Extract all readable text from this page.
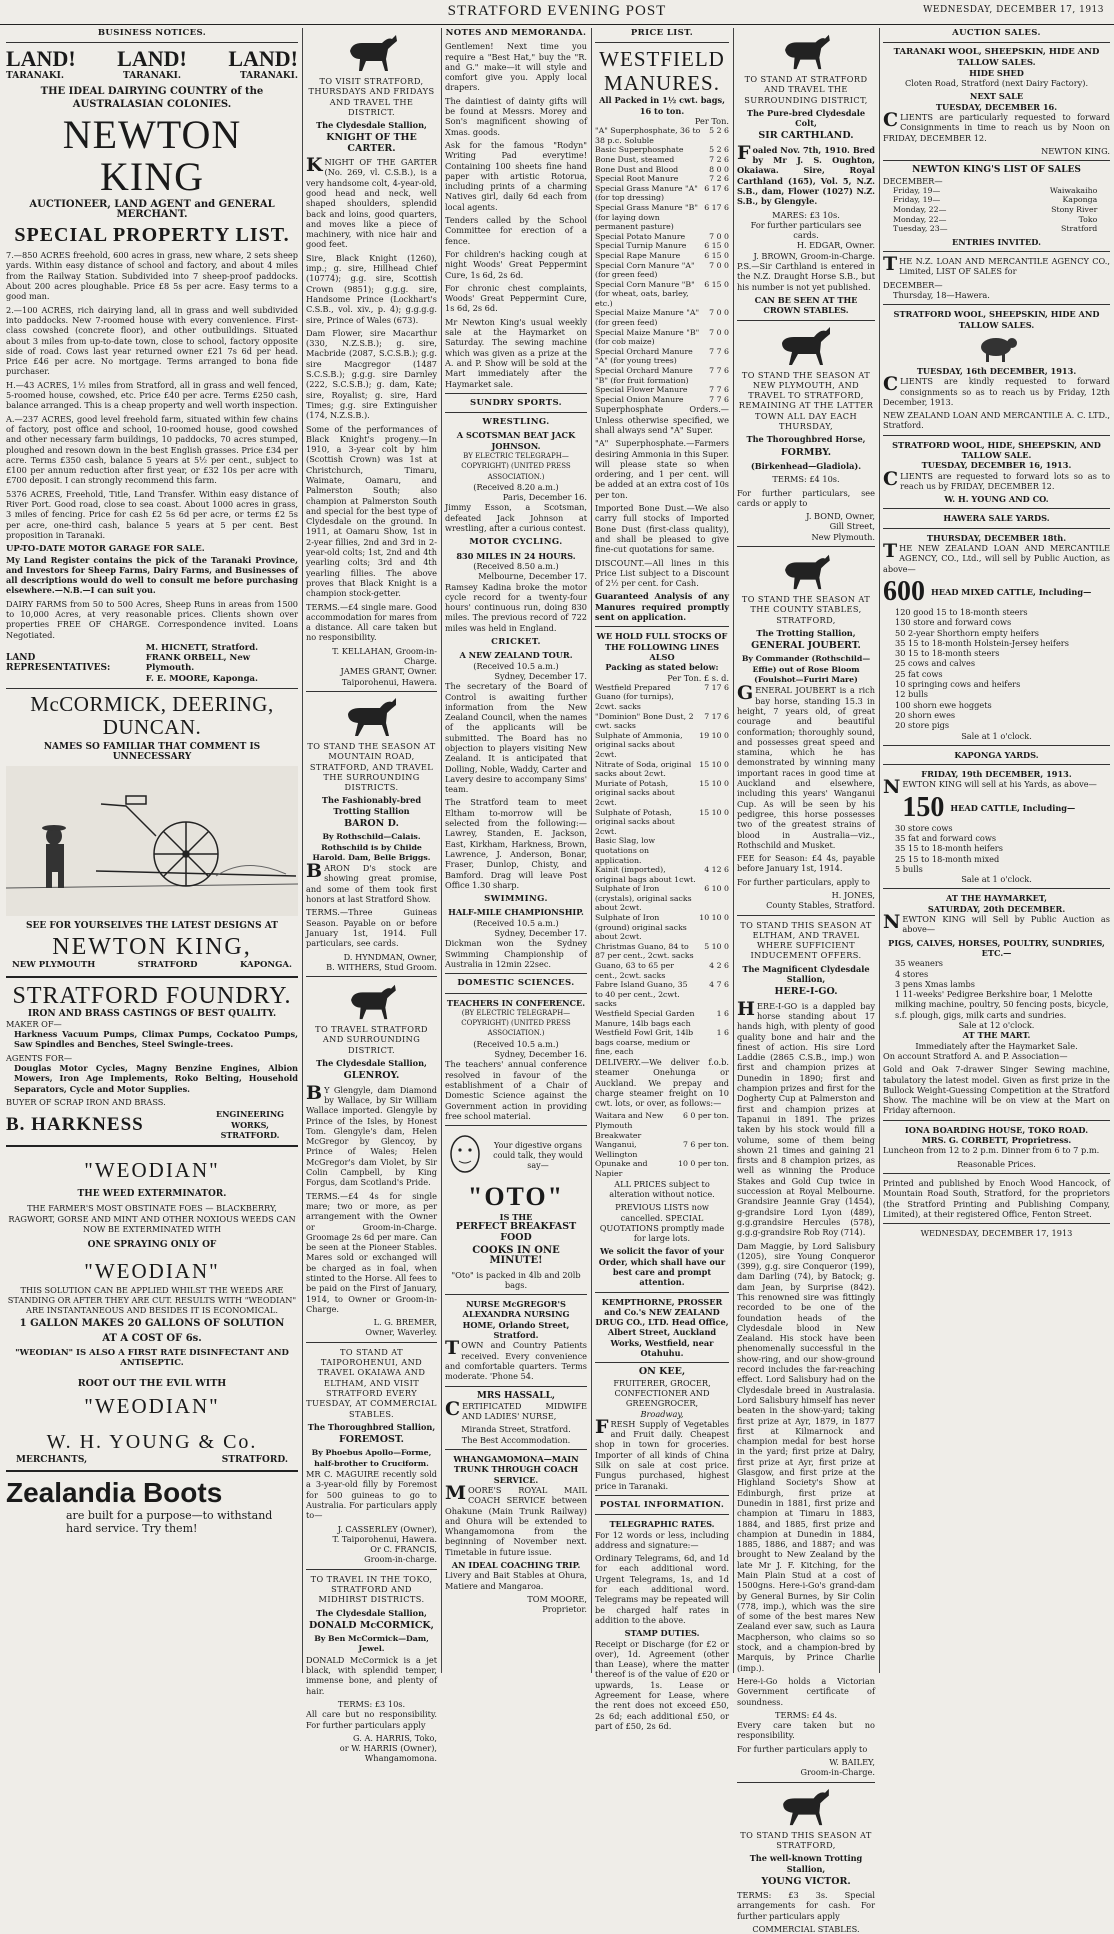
STRATFORD EVENING POST	WEDNESDAY, DECEMBER 17, 1913
BUSINESS NOTICES.
LAND! LAND! LAND!
TARANAKI.	TARANAKI.	TARANAKI.
THE IDEAL DAIRYING COUNTRY of the AUSTRALASIAN COLONIES.
NEWTON KING
AUCTIONEER, LAND AGENT and GENERAL MERCHANT.
SPECIAL PROPERTY LIST.

7.—850 ACRES freehold, 600 acres in grass, new whare, 2 sets sheep yards. Within easy distance of school and factory, and about 4 miles from the Railway Station. Subdivided into 7 sheep-proof paddocks. About 200 acres ploughable. Price £8 5s per acre. Easy terms to a good man.

2.—100 ACRES, rich dairying land, all in grass and well subdivided into paddocks. New 7-roomed house with every convenience. First-class cowshed (concrete floor), and other outbuildings. Situated about 3 miles from up-to-date town, close to school, factory opposite side of road. Cows last year returned owner £21 7s 6d per head. Price £46 per acre. No mortgage. Terms arranged to bona fide purchaser.

H.—43 ACRES, 1½ miles from Stratford, all in grass and well fenced, 5-roomed house, cowshed, etc. Price £40 per acre. Terms £250 cash, balance arranged. This is a cheap property and well worth inspection.

A.—237 ACRES, good level freehold farm, situated within few chains of factory, post office and school, 10-roomed house, good cowshed and other necessary farm buildings, 10 paddocks, 70 acres stumped, ploughed and resown down in the best English grasses. Price £34 per acre. Terms £350 cash, balance 5 years at 5½ per cent., subject to £100 per annum reduction after first year, or £32 10s per acre with £700 deposit. I can strongly recommend this farm.

5376 ACRES, Freehold, Title, Land Transfer. Within easy distance of River Port. Good road, close to sea coast. About 1000 acres in grass, 3 miles of fencing. Price for cash £2 5s 6d per acre, or terms £2 5s per acre, one-third cash, balance 5 years at 5 per cent. Best proposition in Taranaki.

UP-TO-DATE MOTOR GARAGE FOR SALE.

My Land Register contains the pick of the Taranaki Province, and Investors for Sheep Farms, Dairy Farms, and Businesses of all descriptions would do well to consult me before purchasing elsewhere.—N.B.—I can suit you.

DAIRY FARMS from 50 to 500 Acres, Sheep Runs in areas from 1500 to 10,000 Acres, at very reasonable prices. Clients shown over properties FREE OF CHARGE. Correspondence invited. Loans Negotiated.

LAND REPRESENTATIVES:
M. HICNETT, Stratford.
FRANK ORBELL, New Plymouth.
F. E. MOORE, Kaponga.
McCORMICK, DEERING, DUNCAN.
NAMES SO FAMILIAR THAT COMMENT IS UNNECESSARY
SEE FOR YOURSELVES THE LATEST DESIGNS AT
NEWTON KING,
NEW PLYMOUTH	STRATFORD	KAPONGA.
STRATFORD FOUNDRY.
IRON AND BRASS CASTINGS OF BEST QUALITY.
MAKER OF—

Harkness Vacuum Pumps, Climax Pumps, Cockatoo Pumps, Saw Spindles and Benches, Steel Swingle-trees.

AGENTS FOR—

Douglas Motor Cycles, Magny Benzine Engines, Albion Mowers, Iron Age Implements, Roko Belting, Household Separators, Cycle and Motor Supplies.

BUYER OF SCRAP IRON AND BRASS.
B. HARKNESS	ENGINEERING WORKS, STRATFORD.
"WEODIAN"
THE WEED EXTERMINATOR.

THE FARMER'S MOST OBSTINATE FOES — BLACKBERRY, RAGWORT, GORSE AND MINT AND OTHER NOXIOUS WEEDS CAN NOW BE EXTERMINATED WITH

ONE SPRAYING ONLY OF
"WEODIAN"

THIS SOLUTION CAN BE APPLIED WHILST THE WEEDS ARE STANDING OR AFTER THEY ARE CUT. RESULTS WITH "WEODIAN" ARE INSTANTANEOUS AND BESIDES IT IS ECONOMICAL.

1 GALLON MAKES 20 GALLONS OF SOLUTION
AT A COST OF 6s.
"WEODIAN" IS ALSO A FIRST RATE DISINFECTANT AND ANTISEPTIC.
ROOT OUT THE EVIL WITH
"WEODIAN"
W. H. YOUNG & Co.
MERCHANTS,	STRATFORD.
Zealandia Boots
are built for a purpose—to withstand hard service. Try them!
TO VISIT STRATFORD, THURSDAYS AND FRIDAYS AND TRAVEL THE DISTRICT.
The Clydesdale Stallion,
KNIGHT OF THE CARTER.

KNIGHT OF THE GARTER (No. 269, vl. C.S.B.), is a very handsome colt, 4-year-old, good head and neck, well shaped shoulders, splendid back and loins, good quarters, and moves like a piece of machinery, with nice hair and good feet.

Sire, Black Knight (1260), imp.; g. sire, Hillhead Chief (10774); g.g. sire, Scottish Crown (9851); g.g.g. sire, Handsome Prince (Lockhart's C.S.B., vol. xiv., p. 4); g.g.g.g. sire, Prince of Wales (673).

Dam Flower, sire Macarthur (330, N.Z.S.B.); g. sire, Macbride (2087, S.C.S.B.); g.g. sire Macgregor (1487 S.C.S.B.); g.g.g. sire Darnley (222, S.C.S.B.); g. dam, Kate; sire, Royalist; g. sire, Hard Times; g.g. sire Extinguisher (174, N.Z.S.B.).

Some of the performances of Black Knight's progeny.—In 1910, a 3-year colt by him (Scottish Crown) was 1st at Christchurch, Timaru, Waimate, Oamaru, and Palmerston South; also champion at Palmerston South and special for the best type of Clydesdale on the ground. In 1911, at Oamaru Show, 1st in 2-year fillies, 2nd and 3rd in 2-year-old colts; 1st, 2nd and 4th yearling colts; 3rd and 4th yearling fillies. The above proves that Black Knight is a champion stock-getter.

TERMS.—£4 single mare. Good accommodation for mares from a distance. All care taken but no responsibility.

T. KELLAHAN, Groom-in-Charge.
JAMES GRANT, Owner.
Taiporohenui, Hawera.
TO STAND THE SEASON AT MOUNTAIN ROAD, STRATFORD, AND TRAVEL THE SURROUNDING DISTRICTS.
The Fashionably-bred Trotting Stallion
BARON D.
By Rothschild—Calais. Rothschild is by Childe Harold. Dam, Belle Briggs.

BARON D's stock are showing great promise, and some of them took first honors at last Stratford Show.

TERMS.—Three Guineas Season. Payable on or before January 1st, 1914. Full particulars, see cards.

D. HYNDMAN, Owner,
B. WITHERS, Stud Groom.
TO TRAVEL STRATFORD AND SURROUNDING DISTRICT.
The Clydesdale Stallion,
GLENROY.

BY Glengyle, dam Diamond by Wallace, by Sir William Wallace imported. Glengyle by Prince of the Isles, by Honest Tom. Glengyle's dam, Helen McGregor by Glencoy, by Prince of Wales; Helen McGregor's dam Violet, by Sir Colin Campbell, by King Forgus, dam Scotland's Pride.

TERMS.—£4 4s for single mare; two or more, as per arrangement with the Owner or Groom-in-Charge. Groomage 2s 6d per mare. Can be seen at the Pioneer Stables. Mares sold or exchanged will be charged as in foal, when stinted to the Horse. All fees to be paid on the First of January, 1914, to Owner or Groom-in-Charge.

L. G. BREMER,
Owner, Waverley.
TO STAND AT TAIPOROHENUI, AND TRAVEL OKAIAWA AND ELTHAM, AND VISIT STRATFORD EVERY TUESDAY, AT COMMERCIAL STABLES.
The Thoroughbred Stallion,
FOREMOST.
By Phoebus Apollo—Forme, half-brother to Cruciform.

MR C. MAGUIRE recently sold a 3-year-old filly by Foremost for 500 guineas to go to Australia. For particulars apply to—

J. CASSERLEY (Owner),
T. Taiporohenui, Hawera.
Or C. FRANCIS,
Groom-in-charge.
TO TRAVEL IN THE TOKO, STRATFORD AND MIDHIRST DISTRICTS.
The Clydesdale Stallion,
DONALD McCORMICK,
By Ben McCormick—Dam, Jewel.

DONALD McCormick is a jet black, with splendid temper, immense bone, and plenty of hair.

TERMS: £3 10s.

All care but no responsibility. For further particulars apply

G. A. HARRIS, Toko,
or W. HARRIS (Owner),
Whangamomona.
NOTES AND MEMORANDA.

Gentlemen! Next time you require a "Best Hat," buy the "R. and G." make—it will style and comfort give you. Apply local drapers.

The daintiest of dainty gifts will be found at Messrs. Morey and Son's magnificent showing of Xmas. goods.

Ask for the famous "Rodyn" Writing Pad everytime! Containing 100 sheets fine hand paper with artistic Rotorua, including prints of a charming Natives girl, daily 6d each from local agents.

Tenders called by the School Committee for erection of a fence.

For children's hacking cough at night Woods' Great Peppermint Cure, 1s 6d, 2s 6d.

For chronic chest complaints, Woods' Great Peppermint Cure, 1s 6d, 2s 6d.

Mr Newton King's usual weekly sale at the Haymarket on Saturday. The sewing machine which was given as a prize at the A. and P. Show will be sold at the Mart immediately after the Haymarket sale.

SUNDRY SPORTS.
WRESTLING.
A SCOTSMAN BEAT JACK JOHNSON.
BY ELECTRIC TELEGRAPH—COPYRIGHT) (UNITED PRESS ASSOCIATION.)
(Received 8.20 a.m.)
Paris, December 16.

Jimmy Esson, a Scotsman, defeated Jack Johnson at wrestling, after a curious contest.

MOTOR CYCLING.
830 MILES IN 24 HOURS.
(Received 8.50 a.m.)
Melbourne, December 17.

Ramsey Kadina broke the motor cycle record for a twenty-four hours' continuous run, doing 830 miles. The previous record of 722 miles was held in England.

CRICKET.
A NEW ZEALAND TOUR.
(Received 10.5 a.m.)
Sydney, December 17.

The secretary of the Board of Control is awaiting further information from the New Zealand Council, when the names of the applicants will be submitted. The Board has no objection to players visiting New Zealand. It is anticipated that Dolling, Noble, Waddy, Carter and Lavery desire to accompany Sims' team.

The Stratford team to meet Eltham to-morrow will be selected from the following:—Lawrey, Standen, E. Jackson, East, Kirkham, Harkness, Brown, Lawrence, J. Anderson, Bonar, Fraser, Dunlop, Chisty, and Bamford. Drag will leave Post Office 1.30 sharp.

SWIMMING.
HALF-MILE CHAMPIONSHIP.
(Received 10.5 a.m.)
Sydney, December 17.

Dickman won the Sydney Swimming Championship of Australia in 12min 22sec.

DOMESTIC SCIENCES.
TEACHERS IN CONFERENCE.
(BY ELECTRIC TELEGRAPH—COPYRIGHT) (UNITED PRESS ASSOCIATION.)
(Received 10.5 a.m.)
Sydney, December 16.

The teachers' annual conference resolved in favour of the establishment of a Chair of Domestic Science against the Government action in providing free school material.

Your digestive organs could talk, they would say—
"OTO"
IS THE
PERFECT BREAKFAST FOOD
COOKS IN ONE MINUTE!
"Oto" is packed in 4lb and 20lb bags.
NURSE McGREGOR'S ALEXANDRA NURSING HOME, Orlando Street, Stratford.

TOWN and Country Patients received. Every convenience and comfortable quarters. Terms moderate. 'Phone 54.

MRS HASSALL,

CERTIFICATED MIDWIFE AND LADIES' NURSE,

Miranda Street, Stratford.
The Best Accommodation.
WHANGAMOMONA—MAIN TRUNK THROUGH COACH SERVICE.

MOORE'S ROYAL MAIL COACH SERVICE between Ohakune (Main Trunk Railway) and Ohura will be extended to Whangamomona from the beginning of November next. Timetable in future issue.

AN IDEAL COACHING TRIP.

Livery and Bait Stables at Ohura, Matiere and Mangaroa.

TOM MOORE,
Proprietor.
PRICE LIST.
WESTFIELD MANURES.
All Packed in 1½ cwt. bags, 16 to ton.
Per Ton.
"A" Superphosphate, 36 to 38 p.c. Soluble	5 2 6
Basic Superphosphate	5 2 6
Bone Dust, steamed	7 2 6
Bone Dust and Blood	8 0 0
Special Root Manure	7 2 6
Special Grass Manure "A" (for top dressing)	6 17 6
Special Grass Manure "B" (for laying down permanent pasture)	6 17 6
Special Potato Manure	7 0 0
Special Turnip Manure	6 15 0
Special Rape Manure	6 15 0
Special Corn Manure "A" (for green feed)	7 0 0
Special Corn Manure "B" (for wheat, oats, barley, etc.)	6 15 0
Special Maize Manure "A" (for green feed)	7 0 0
Special Maize Manure "B" (for cob maize)	7 0 0
Special Orchard Manure "A" (for young trees)	7 7 6
Special Orchard Manure "B" (for fruit formation)	7 7 6
Special Flower Manure	7 7 6
Special Onion Manure	7 7 6

Superphosphate Orders.—Unless otherwise specified, we shall always send "A" Super.

"A" Superphosphate.—Farmers desiring Ammonia in this Super. will please state so when ordering, and 1 per cent. will be added at an extra cost of 10s per ton.

Imported Bone Dust.—We also carry full stocks of Imported Bone Dust (first-class quality), and shall be pleased to give fine-cut quotations for same.

DISCOUNT.—All lines in this Price List subject to a Discount of 2½ per cent. for Cash.

Guaranteed Analysis of any Manures required promptly sent on application.

WE HOLD FULL STOCKS OF THE FOLLOWING LINES ALSO
Packing as stated below:
Per Ton. £ s. d.
Westfield Prepared Guano (for turnips), 2cwt. sacks	7 17 6
"Dominion" Bone Dust, 2 cwt. sacks	7 17 6
Sulphate of Ammonia, original sacks about 2cwt.	19 10 0
Nitrate of Soda, original sacks about 2cwt.	15 10 0
Muriate of Potash, original sacks about 2cwt.	15 10 0
Sulphate of Potash, original sacks about 2cwt.	15 10 0
Basic Slag, low quotations on application.	
Kainit (imported), original bags about 1cwt.	4 12 6
Sulphate of Iron (crystals), original sacks about 2cwt.	6 10 0
Sulphate of Iron (ground) original sacks about 2cwt.	10 10 0
Christmas Guano, 84 to 87 per cent., 2cwt. sacks	5 10 0
Guano, 63 to 65 per cent., 2cwt. sacks	4 2 6
Fabre Island Guano, 35 to 40 per cent., 2cwt. sacks	4 7 6
Westfield Special Garden Manure, 14lb bags each	1 6
Westfield Fowl Grit, 14lb bags coarse, medium or fine, each	1 6

DELIVERY.—We deliver f.o.b. steamer Onehunga or Auckland. We prepay and charge steamer freight on 10 cwt. lots, or over, as follows:—

Waitara and New Plymouth Breakwater	6 0 per ton.
Wanganui, Wellington	7 6 per ton.
Opunake and Napier	10 0 per ton.

ALL PRICES subject to alteration without notice.

PREVIOUS LISTS now cancelled. SPECIAL QUOTATIONS promptly made for large lots.

We solicit the favor of your Order, which shall have our best care and prompt attention.

KEMPTHORNE, PROSSER and Co.'s NEW ZEALAND DRUG CO., LTD. Head Office, Albert Street, Auckland Works, Westfield, near Otahuhu.

ON KEE,
FRUITERER, GROCER, CONFECTIONER AND GREENGROCER,
Broadway,

FRESH Supply of Vegetables and Fruit daily. Cheapest shop in town for groceries. Importer of all kinds of China Silk on sale at cost price. Fungus purchased, highest price in Taranaki.

POSTAL INFORMATION.
TELEGRAPHIC RATES.

For 12 words or less, including address and signature:—

Ordinary Telegrams, 6d, and 1d for each additional word. Urgent Telegrams, 1s, and 1d for each additional word. Telegrams may be repeated will be charged half rates in addition to the above.

STAMP DUTIES.

Receipt or Discharge (for £2 or over), 1d. Agreement (other than Lease), where the matter thereof is of the value of £20 or upwards, 1s. Lease or Agreement for Lease, where the rent does not exceed £50, 2s 6d; each additional £50, or part of £50, 2s 6d.

TO STAND AT STRATFORD AND TRAVEL THE SURROUNDING DISTRICT,
The Pure-bred Clydesdale Colt,
SIR CARTHLAND.

Foaled Nov. 7th, 1910. Bred by Mr J. S. Oughton, Okaiawa. Sire, Royal Carthland (165), Vol. 5, N.Z. S.B., dam, Flower (1027) N.Z. S.B., by Glengyle.

MARES: £3 10s.
For further particulars see cards.
H. EDGAR, Owner.
J. BROWN, Groom-in-Charge.

P.S.—Sir Carthland is entered in the N.Z. Draught Horse S.B., but his number is not yet published.

CAN BE SEEN AT THE CROWN STABLES.
TO STAND THE SEASON AT NEW PLYMOUTH, AND TRAVEL TO STRATFORD, REMAINING AT THE LATTER TOWN ALL DAY EACH THURSDAY,
The Thoroughbred Horse,
FORMBY.
(Birkenhead—Gladiola).
TERMS: £4 10s.

For further particulars, see cards or apply to

J. BOND, Owner,
Gill Street,
New Plymouth.
TO STAND THE SEASON AT THE COUNTY STABLES, STRATFORD,
The Trotting Stallion,
GENERAL JOUBERT.
By Commander (Rothschild—Effie) out of Rose Bloom (Foulshot—Furiri Mare)

GENERAL JOUBERT is a rich bay horse, standing 15.3 in height, 7 years old, of great courage and beautiful conformation; thoroughly sound, and possesses great speed and stamina, which he has demonstrated by winning many important races in good time at Auckland and elsewhere, including this years' Wanganui Cup. As will be seen by his pedigree, this horse possesses two of the greatest strains of blood in Australia—viz., Rothschild and Musket.

FEE for Season: £4 4s, payable before January 1st, 1914.

For further particulars, apply to

H. JONES,
County Stables, Stratford.
TO STAND THIS SEASON AT ELTHAM, AND TRAVEL WHERE SUFFICIENT INDUCEMENT OFFERS.
The Magnificent Clydesdale Stallion,
HERE-I-GO.

HERE-I-GO is a dappled bay horse standing about 17 hands high, with plenty of good quality bone and hair and the finest of action. His sire Lord Laddie (2865 C.S.B., imp.) won first and champion prizes at Dunedin in 1890; first and champion prizes and first for the Dogherty Cup at Palmerston and first and champion prizes at Tapanui in 1891. The prizes taken by his stock would fill a volume, some of them being shown 21 times and gaining 21 firsts and 8 champion prizes, as well as winning the Produce Stakes and Gold Cup twice in succession at Royal Melbourne. Grandsire Jeannie Gray (1454), g-grandsire Lord Lyon (489), g.g.grandsire Hercules (578), g.g.g-grandsire Rob Roy (714).

Dam Maggie, by Lord Salisbury (1205), sire Young Conqueror (399), g.g. sire Conqueror (199), dam Darling (74), by Batock; g. dam Jean, by Surprise (842). This renowned sire was fittingly recorded to be one of the foundation heads of the Clydesdale blood in New Zealand. His stock have been phenomenally successful in the show-ring, and our show-ground record includes the far-reaching effect. Lord Salisbury had on the Clydesdale breed in Australasia. Lord Salisbury himself has never beaten in the show-yard; taking first prize at Ayr, 1879, in 1877 first at Kilmarnock and champion medal for best horse in the yard; first prize at Dalry, first prize at Ayr, first prize at Glasgow, and first prize at the Highland Society's Show at Edinburgh, first prize at Dunedin in 1881, first prize and champion at Timaru in 1883, 1884, and 1885, first prize and champion at Dunedin in 1884, 1885, 1886, and 1887; and was brought to New Zealand by the late Mr J. F. Kitching, for the Main Plain Stud at a cost of 1500gns. Here-i-Go's grand-dam by General Burnes, by Sir Colin (778, imp.), which was the sire of some of the best mares New Zealand ever saw, such as Laura Macpherson, who claims so so stock, and a champion-bred by Marquis, by Prince Charlie (imp.).

Here-i-Go holds a Victorian Government certificate of soundness.

TERMS: £4 4s.

Every care taken but no responsibility.

For further particulars apply to

W. BAILEY,
Groom-in-Charge.
TO STAND THIS SEASON AT STRATFORD,
The well-known Trotting Stallion,
YOUNG VICTOR.

TERMS: £3 3s. Special arrangements for cash. For further particulars apply

COMMERCIAL STABLES.
AUCTION SALES.
TARANAKI WOOL, SHEEPSKIN, HIDE AND TALLOW SALES.
HIDE SHED
Cloten Road, Stratford (next Dairy Factory).
NEXT SALE
TUESDAY, DECEMBER 16.

CLIENTS are particularly requested to forward Consignments in time to reach us by Noon on FRIDAY, DECEMBER 12.

NEWTON KING.
NEWTON KING'S LIST OF SALES
DECEMBER—
Friday, 19—	Waiwakaiho
Friday, 19—	Kaponga
Monday, 22—	Stony River
Monday, 22—	Toko
Tuesday, 23—	Stratford
ENTRIES INVITED.

THE N.Z. LOAN AND MERCANTILE AGENCY CO., Limited, LIST OF SALES for

DECEMBER—
Thursday, 18—Hawera.
STRATFORD WOOL, SHEEPSKIN, HIDE AND TALLOW SALES.
TUESDAY, 16th DECEMBER, 1913.

CLIENTS are kindly requested to forward consignments so as to reach us by Friday, 12th December, 1913.

NEW ZEALAND LOAN AND MERCANTILE A. C. LTD., Stratford.

STRATFORD WOOL, HIDE, SHEEPSKIN, AND TALLOW SALE.
TUESDAY, DECEMBER 16, 1913.

CLIENTS are requested to forward lots so as to reach us by FRIDAY, DECEMBER 12.

W. H. YOUNG AND CO.
HAWERA SALE YARDS.
THURSDAY, DECEMBER 18th.

THE NEW ZEALAND LOAN AND MERCANTILE AGENCY, CO., Ltd., will sell by Public Auction, as above—

600 HEAD MIXED CATTLE, Including—
120 good 15 to 18-month steers
130 store and forward cows
50 2-year Shorthorn empty heifers
35 15 to 18-month Holstein-Jersey heifers
30 15 to 18-month steers
25 cows and calves
25 fat cows
10 springing cows and heifers
12 bulls
100 shorn ewe hoggets
20 shorn ewes
20 store pigs
Sale at 1 o'clock.
KAPONGA YARDS.
FRIDAY, 19th DECEMBER, 1913.

NEWTON KING will sell at his Yards, as above—

150 HEAD CATTLE, Including—
30 store cows
35 fat and forward cows
35 15 to 18-month heifers
25 15 to 18-month mixed
5 bulls
Sale at 1 o'clock.
AT THE HAYMARKET,
SATURDAY, 20th DECEMBER.

NEWTON KING will Sell by Public Auction as above—

PIGS, CALVES, HORSES, POULTRY, SUNDRIES, ETC.—
35 weaners
4 stores
3 pens Xmas lambs
1 11-weeks' Pedigree Berkshire boar, 1 Melotte milking machine, poultry, 50 fencing posts, bicycle, s.f. plough, gigs, milk carts and sundries.
Sale at 12 o'clock.
AT THE MART.
Immediately after the Haymarket Sale.

On account Stratford A. and P. Association—

Gold and Oak 7-drawer Singer Sewing machine, tabulatory the latest model. Given as first prize in the Bullock Weight-Guessing Competition at the Stratford Show. The machine will be on view at the Mart on Friday afternoon.

IONA BOARDING HOUSE, TOKO ROAD.
MRS. G. CORBETT, Proprietress.

Luncheon from 12 to 2 p.m. Dinner from 6 to 7 p.m.

Reasonable Prices.

Printed and published by Enoch Wood Hancock, of Mountain Road South, Stratford, for the proprietors (the Stratford Printing and Publishing Company, Limited), at their registered Office, Fenton Street.

WEDNESDAY, DECEMBER 17, 1913
